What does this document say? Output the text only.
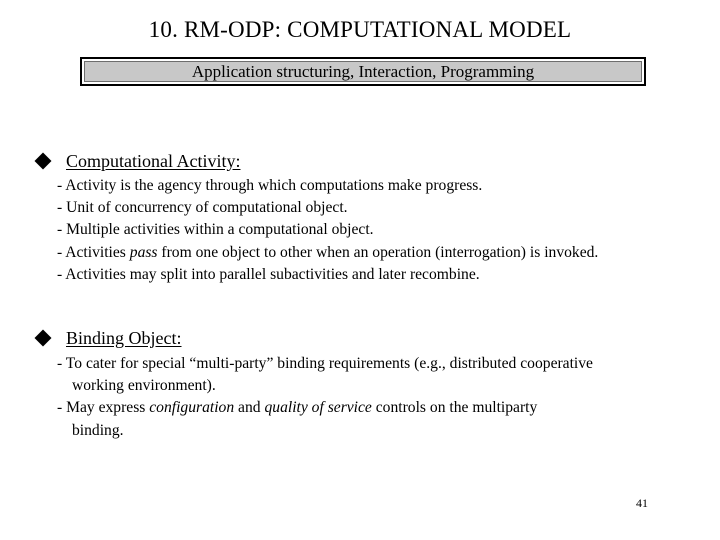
10. RM-ODP: COMPUTATIONAL MODEL
Application structuring, Interaction, Programming
Computational Activity:
- Activity is the agency through which computations make progress.
- Unit of concurrency of computational object.
- Multiple activities within a computational object.
- Activities pass from one object to other when an operation (interrogation) is invoked.
- Activities may split into parallel subactivities and later recombine.
Binding Object:
- To cater for special “multi-party” binding requirements (e.g., distributed cooperative
working environment).
- May express configuration and quality of service controls on the multiparty
binding.
41
